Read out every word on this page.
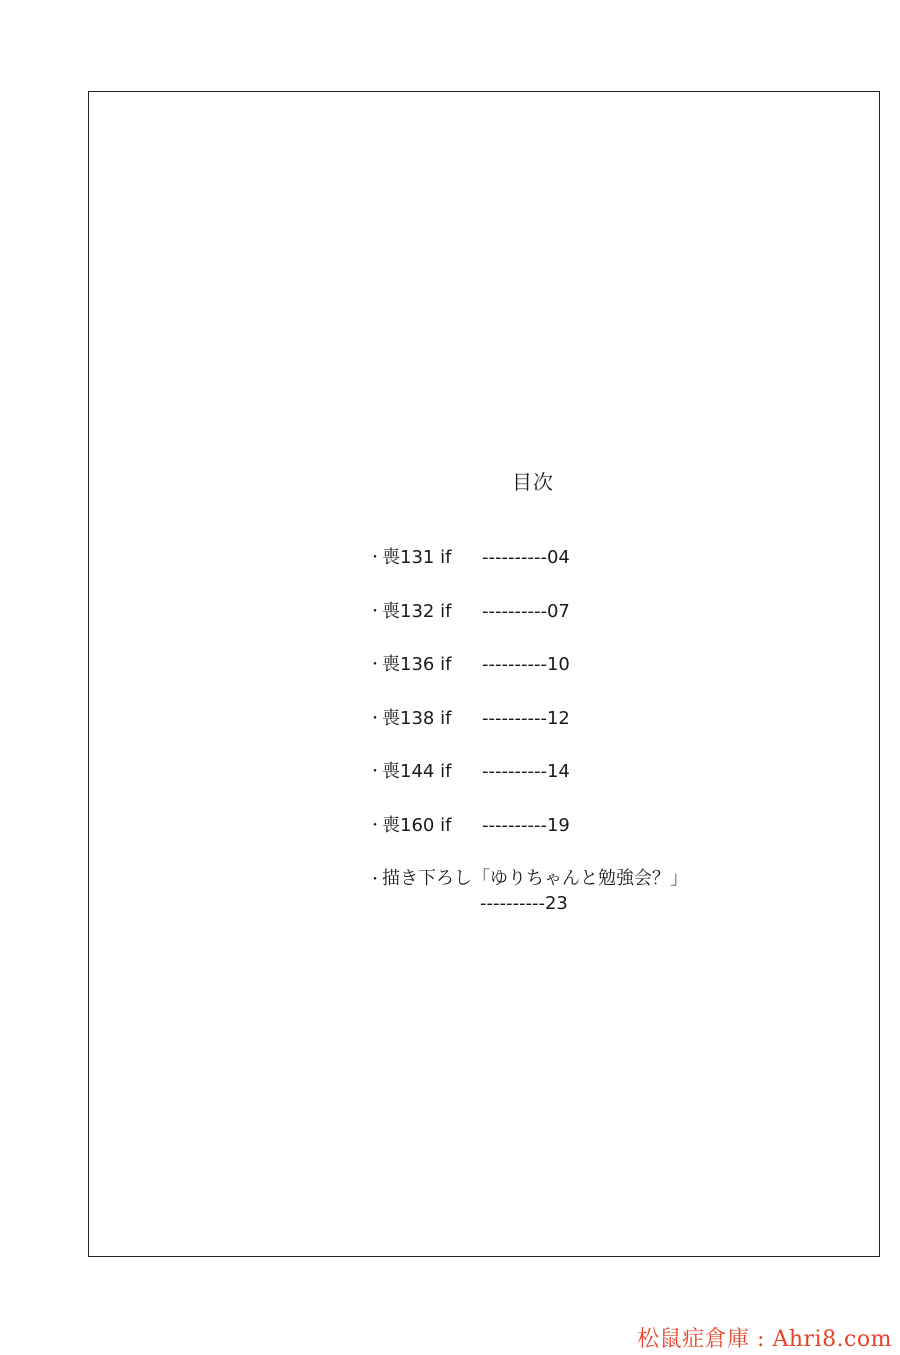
目次
・ 喪131 if	---------- 04
・ 喪132 if	---------- 07
・ 喪136 if	---------- 10
・ 喪138 if	---------- 12
・ 喪144 if	---------- 14
・ 喪160 if	---------- 19
・描き下ろし「ゆりちゃんと勉強会？」
----------23
松鼠症倉庫 : Ahri8.com
